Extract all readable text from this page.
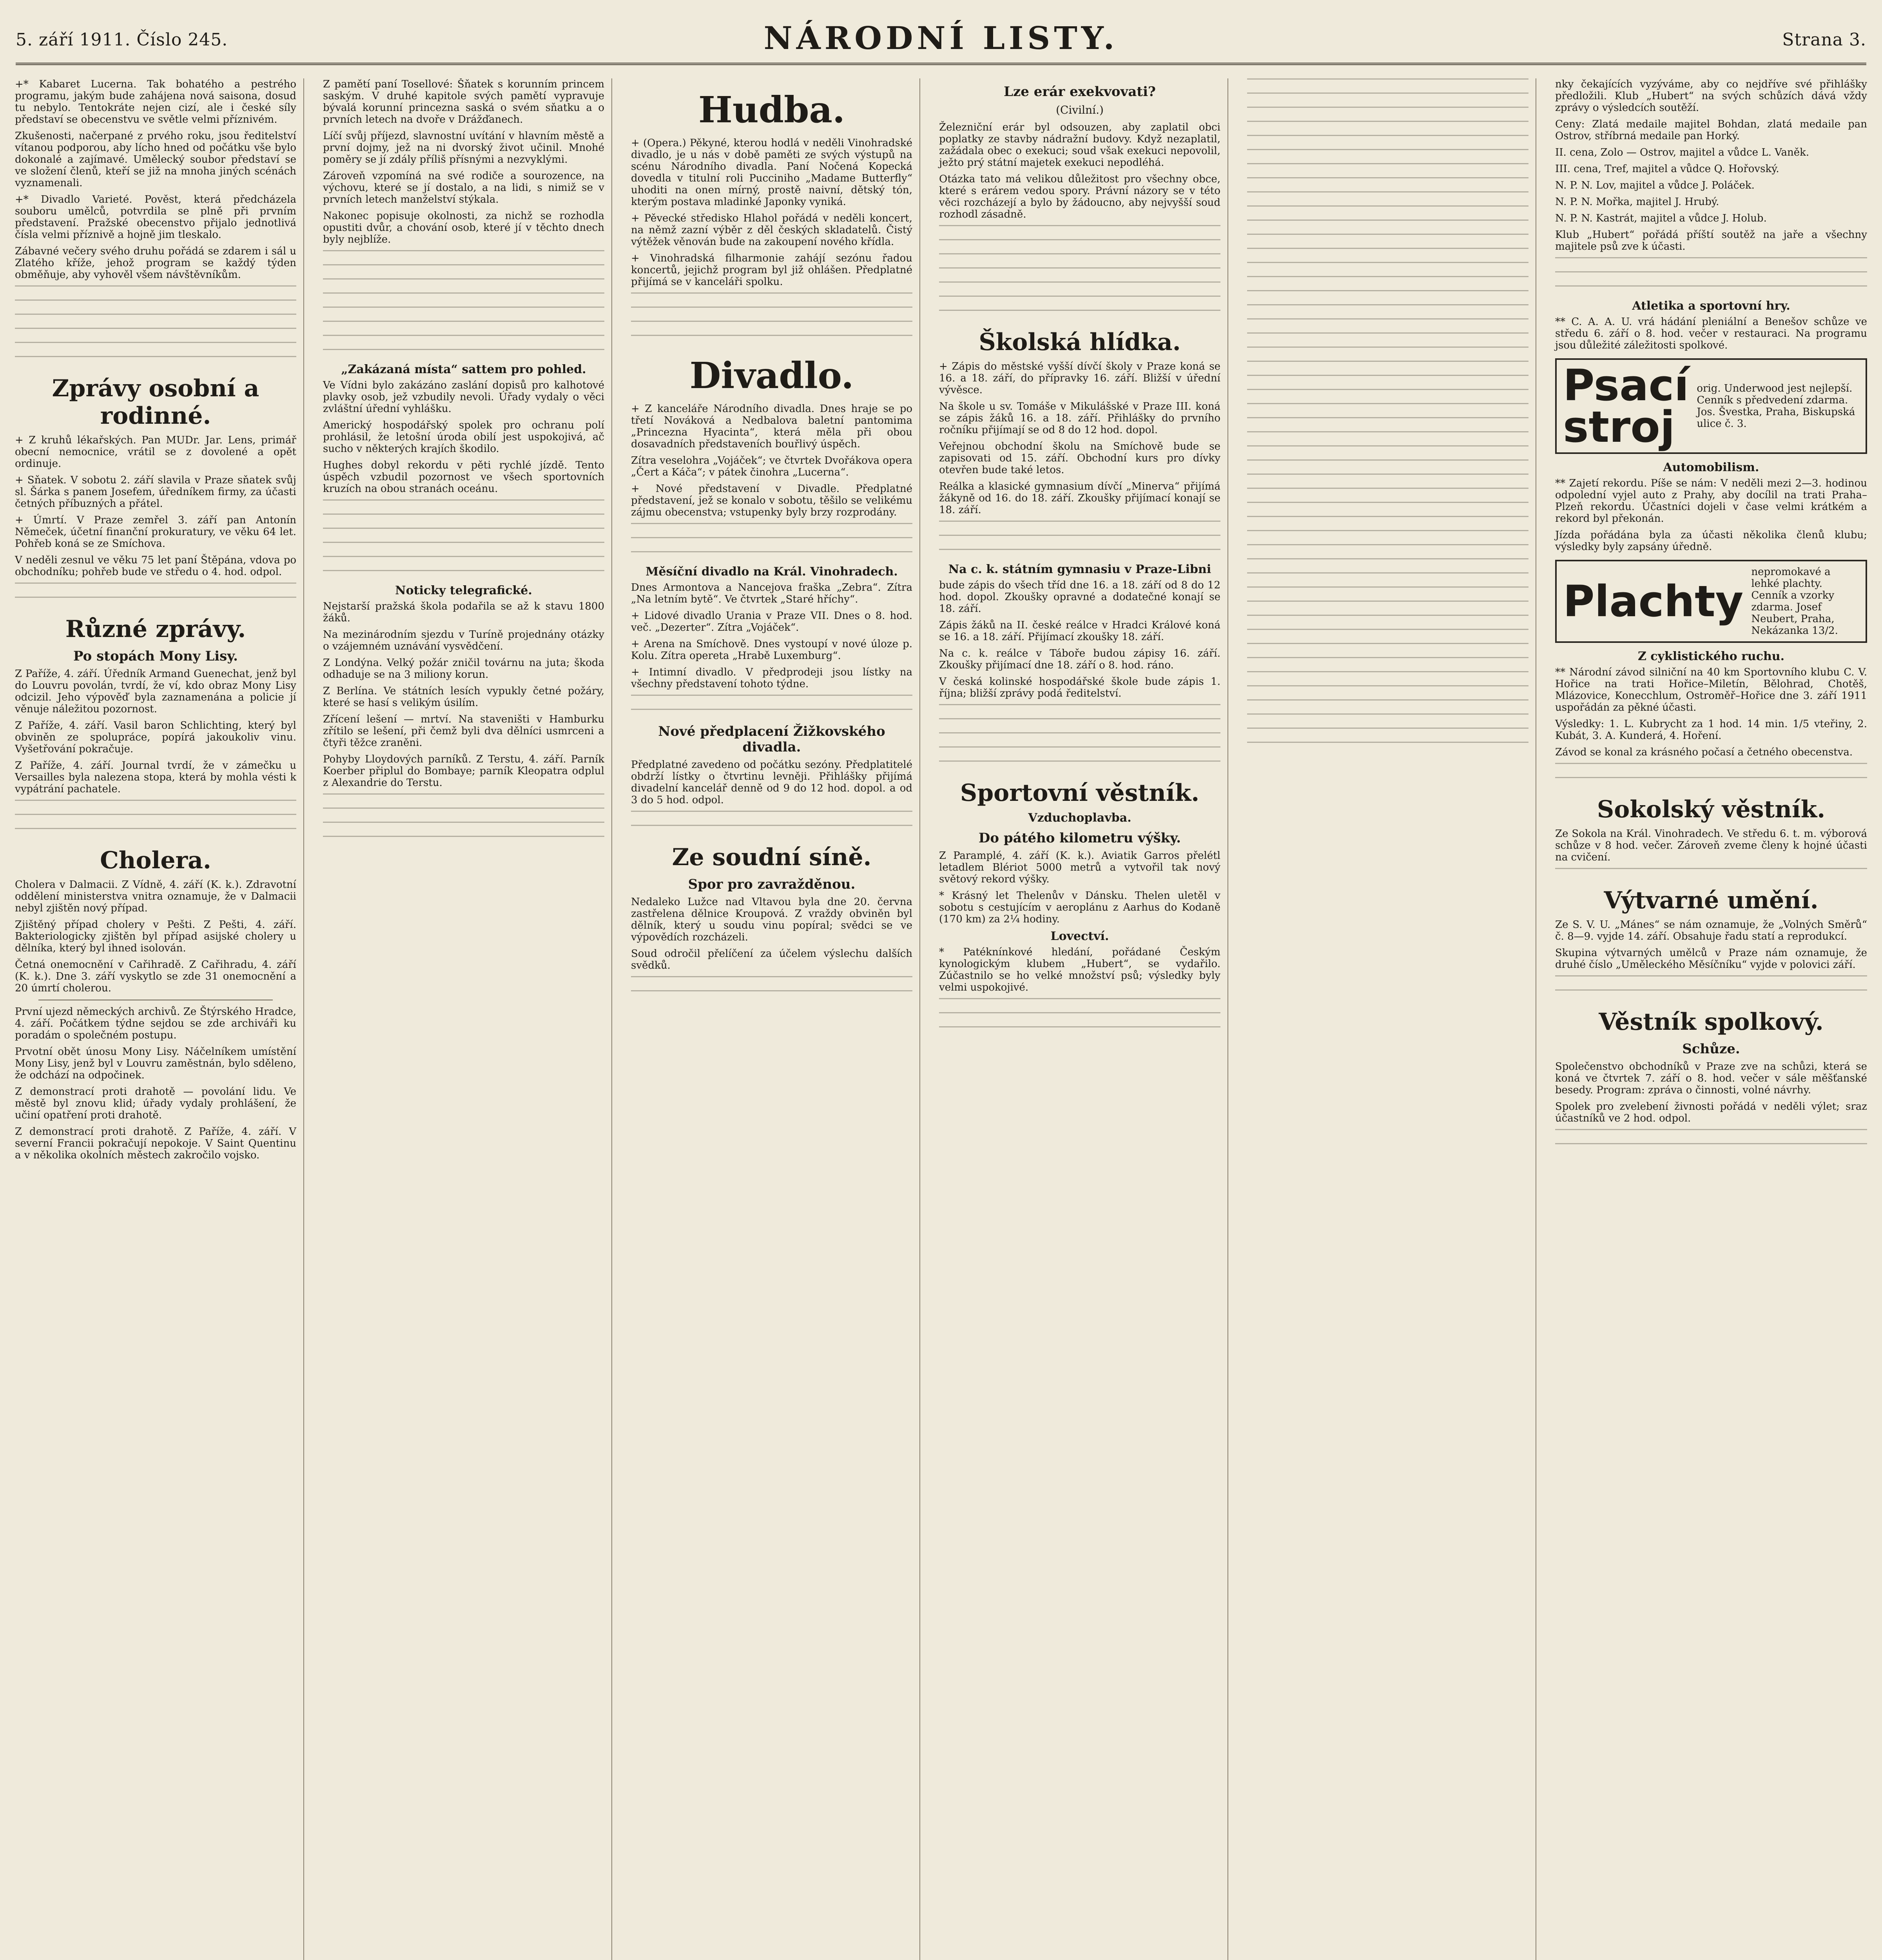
5. září 1911. Číslo 245.	NÁRODNÍ LISTY.	Strana 3.

+* Kabaret Lucerna. Tak bohatého a pestrého programu, jakým bude zahájena nová saisona, dosud tu nebylo. Tentokráte nejen cizí, ale i české síly představí se obecenstvu ve světle velmi příznivém.

Zkušenosti, načerpané z prvého roku, jsou ředitelství vítanou podporou, aby lícho hned od počátku vše bylo dokonalé a zajímavé. Umělecký soubor představí se ve složení členů, kteří se již na mnoha jiných scénách vyznamenali.

+* Divadlo Varieté. Pověst, která předcházela souboru umělců, potvrdila se plně při prvním představení. Pražské obecenstvo přijalo jednotlivá čísla velmi příznivě a hojně jim tleskalo.

Zábavné večery svého druhu pořádá se zdarem i sál u Zlatého kříže, jehož program se každý týden obměňuje, aby vyhověl všem návštěvníkům.

Zprávy osobní a rodinné.

+ Z kruhů lékařských. Pan MUDr. Jar. Lens, primář obecní nemocnice, vrátil se z dovolené a opět ordinuje.

+ Sňatek. V sobotu 2. září slavila v Praze sňatek svůj sl. Šárka s panem Josefem, úředníkem firmy, za účasti četných příbuzných a přátel.

+ Úmrtí. V Praze zemřel 3. září pan Antonín Němeček, účetní finanční prokuratury, ve věku 64 let. Pohřeb koná se ze Smíchova.

V neděli zesnul ve věku 75 let paní Štěpána, vdova po obchodníku; pohřeb bude ve středu o 4. hod. odpol.

Různé zprávy.
Po stopách Mony Lisy.

Z Paříže, 4. září. Úředník Armand Guenechat, jenž byl do Louvru povolán, tvrdí, že ví, kdo obraz Mony Lisy odcizil. Jeho výpověď byla zaznamenána a policie jí věnuje náležitou pozornost.

Z Paříže, 4. září. Vasil baron Schlichting, který byl obviněn ze spolupráce, popírá jakoukoliv vinu. Vyšetřování pokračuje.

Z Paříže, 4. září. Journal tvrdí, že v zámečku u Versailles byla nalezena stopa, která by mohla vésti k vypátrání pachatele.

Cholera.

Cholera v Dalmacii. Z Vídně, 4. září (K. k.). Zdravotní oddělení ministerstva vnitra oznamuje, že v Dalmacii nebyl zjištěn nový případ.

Zjištěný případ cholery v Pešti. Z Pešti, 4. září. Bakteriologicky zjištěn byl případ asijské cholery u dělníka, který byl ihned isolován.

Četná onemocnění v Cařihradě. Z Cařihradu, 4. září (K. k.). Dne 3. září vyskytlo se zde 31 onemocnění a 20 úmrtí cholerou.

První ujezd německých archivů. Ze Štýrského Hradce, 4. září. Počátkem týdne sejdou se zde archiváři ku poradám o společném postupu.

Prvotní obět únosu Mony Lisy. Náčelníkem umístění Mony Lisy, jenž byl v Louvru zaměstnán, bylo sděleno, že odchází na odpočinek.

Z demonstrací proti drahotě — povolání lidu. Ve městě byl znovu klid; úřady vydaly prohlášení, že učiní opatření proti drahotě.

Z demonstrací proti drahotě. Z Paříže, 4. září. V severní Francii pokračují nepokoje. V Saint Quentinu a v několika okolních městech zakročilo vojsko.

Z pamětí paní Tosellové: Šňatek s korunním princem saským. V druhé kapitole svých pamětí vypravuje bývalá korunní princezna saská o svém sňatku a o prvních letech na dvoře v Drážďanech.

Líčí svůj příjezd, slavnostní uvítání v hlavním městě a první dojmy, jež na ni dvorský život učinil. Mnohé poměry se jí zdály příliš přísnými a nezvyklými.

Zároveň vzpomíná na své rodiče a sourozence, na výchovu, které se jí dostalo, a na lidi, s nimiž se v prvních letech manželství stýkala.

Nakonec popisuje okolnosti, za nichž se rozhodla opustiti dvůr, a chování osob, které jí v těchto dnech byly nejblíže.

„Zakázaná místa“ sattem pro pohled.

Ve Vídni bylo zakázáno zaslání dopisů pro kalhotové plavky osob, jež vzbudily nevoli. Úřady vydaly o věci zvláštní úřední vyhlášku.

Americký hospodářský spolek pro ochranu polí prohlásil, že letošní úroda obilí jest uspokojivá, ač sucho v některých krajích škodilo.

Hughes dobyl rekordu v pěti rychlé jízdě. Tento úspěch vzbudil pozornost ve všech sportovních kruzích na obou stranách oceánu.

Noticky telegrafické.

Nejstarší pražská škola podařila se až k stavu 1800 žáků.

Na mezinárodním sjezdu v Turíně projednány otázky o vzájemném uznávání vysvědčení.

Z Londýna. Velký požár zničil továrnu na juta; škoda odhaduje se na 3 miliony korun.

Z Berlína. Ve státních lesích vypukly četné požáry, které se hasí s velikým úsilím.

Zřícení lešení — mrtví. Na staveništi v Hamburku zřítilo se lešení, při čemž byli dva dělníci usmrceni a čtyři těžce zraněni.

Pohyby Lloydových parníků. Z Terstu, 4. září. Parník Koerber připlul do Bombaye; parník Kleopatra odplul z Alexandrie do Terstu.

Hudba.

+ (Opera.) Pěkyné, kterou hodlá v neděli Vinohradské divadlo, je u nás v době paměti ze svých výstupů na scénu Národního divadla. Paní Nočená Kopecká dovedla v titulní roli Pucciniho „Madame Butterfly“ uhoditi na onen mírný, prostě naivní, dětský tón, kterým postava mladinké Japonky vyniká.

+ Pěvecké středisko Hlahol pořádá v neděli koncert, na němž zazní výběr z děl českých skladatelů. Čistý výtěžek věnován bude na zakoupení nového křídla.

+ Vinohradská filharmonie zahájí sezónu řadou koncertů, jejichž program byl již ohlášen. Předplatné přijímá se v kanceláři spolku.

Divadlo.

+ Z kanceláře Národního divadla. Dnes hraje se po třetí Nováková a Nedbalova baletní pantomima „Princezna Hyacinta“, která měla při obou dosavadních představeních bouřlivý úspěch.

Zítra veselohra „Vojáček“; ve čtvrtek Dvořákova opera „Čert a Káča“; v pátek činohra „Lucerna“.

+ Nové představení v Divadle. Předplatné představení, jež se konalo v sobotu, těšilo se velikému zájmu obecenstva; vstupenky byly brzy rozprodány.

Měsíční divadlo na Král. Vinohradech.

Dnes Armontova a Nancejova fraška „Zebra“. Zítra „Na letním bytě“. Ve čtvrtek „Staré hříchy“.

+ Lidové divadlo Urania v Praze VII. Dnes o 8. hod. več. „Dezerter“. Zítra „Vojáček“.

+ Arena na Smíchově. Dnes vystoupí v nové úloze p. Kolu. Zítra opereta „Hrabě Luxemburg“.

+ Intimní divadlo. V předprodeji jsou lístky na všechny představení tohoto týdne.

Nové předplacení Žižkovského divadla.

Předplatné zavedeno od počátku sezóny. Předplatitelé obdrží lístky o čtvrtinu levněji. Přihlášky přijímá divadelní kancelář denně od 9 do 12 hod. dopol. a od 3 do 5 hod. odpol.

Ze soudní síně.
Spor pro zavražděnou.

Nedaleko Lužce nad Vltavou byla dne 20. června zastřelena dělnice Kroupová. Z vraždy obviněn byl dělník, který u soudu vinu popíral; svědci se ve výpovědích rozcházeli.

Soud odročil přelíčení za účelem výslechu dalších svědků.

Lze erár exekvovati?
(Civilní.)

Železniční erár byl odsouzen, aby zaplatil obci poplatky ze stavby nádražní budovy. Když nezaplatil, zažádala obec o exekuci; soud však exekuci nepovolil, ježto prý státní majetek exekuci nepodléhá.

Otázka tato má velikou důležitost pro všechny obce, které s erárem vedou spory. Právní názory se v této věci rozcházejí a bylo by žádoucno, aby nejvyšší soud rozhodl zásadně.

Školská hlídka.

+ Zápis do městské vyšší dívčí školy v Praze koná se 16. a 18. září, do přípravky 16. září. Bližší v úřední vývěsce.

Na škole u sv. Tomáše v Mikulášské v Praze III. koná se zápis žáků 16. a 18. září. Přihlášky do prvního ročníku přijímají se od 8 do 12 hod. dopol.

Veřejnou obchodní školu na Smíchově bude se zapisovati od 15. září. Obchodní kurs pro dívky otevřen bude také letos.

Reálka a klasické gymnasium dívčí „Minerva“ přijímá žákyně od 16. do 18. září. Zkoušky přijímací konají se 18. září.

Na c. k. státním gymnasiu v Praze-Libni

bude zápis do všech tříd dne 16. a 18. září od 8 do 12 hod. dopol. Zkoušky opravné a dodatečné konají se 18. září.

Zápis žáků na II. české reálce v Hradci Králové koná se 16. a 18. září. Přijímací zkoušky 18. září.

Na c. k. reálce v Táboře budou zápisy 16. září. Zkoušky přijímací dne 18. září o 8. hod. ráno.

V česká kolinské hospodářské škole bude zápis 1. října; bližší zprávy podá ředitelství.

Sportovní věstník.
Vzduchoplavba.
Do pátého kilometru výšky.

Z Paramplé, 4. září (K. k.). Aviatik Garros přelétl letadlem Blériot 5000 metrů a vytvořil tak nový světový rekord výšky.

* Krásný let Thelenův v Dánsku. Thelen uletěl v sobotu s cestujícím v aeroplánu z Aarhus do Kodaně (170 km) za 2¼ hodiny.

Lovectví.

* Patéknínkové hledání, pořádané Českým kynologickým klubem „Hubert“, se vydařilo. Zúčastnilo se ho velké množství psů; výsledky byly velmi uspokojivé.

nky čekajících vyzýváme, aby co nejdříve své přihlášky předložili. Klub „Hubert“ na svých schůzích dává vždy zprávy o výsledcích soutěží.

Ceny: Zlatá medaile majitel Bohdan, zlatá medaile pan Ostrov, stříbrná medaile pan Horký.

II. cena, Zolo — Ostrov, majitel a vůdce L. Vaněk.

III. cena, Tref, majitel a vůdce Q. Hořovský.

N. P. N. Lov, majitel a vůdce J. Poláček.

N. P. N. Mořka, majitel J. Hrubý.

N. P. N. Kastrát, majitel a vůdce J. Holub.

Klub „Hubert“ pořádá příští soutěž na jaře a všechny majitele psů zve k účasti.

Atletika a sportovní hry.

** C. A. A. U. vrá hádání pleniální a Benešov schůze ve středu 6. září o 8. hod. večer v restauraci. Na programu jsou důležité záležitosti spolkové.

Psací stroj
orig. Underwood jest nejlepší. Cenník s předvedení zdarma. Jos. Švestka, Praha, Biskupská ulice č. 3.
Automobilism.

** Zajetí rekordu. Píše se nám: V neděli mezi 2—3. hodinou odpolední vyjel auto z Prahy, aby docílil na trati Praha–Plzeň rekordu. Účastníci dojeli v čase velmi krátkém a rekord byl překonán.

Jízda pořádána byla za účasti několika členů klubu; výsledky byly zapsány úředně.

Plachty
nepromokavé a lehké plachty. Cenník a vzorky zdarma. Josef Neubert, Praha, Nekázanka 13/2.
Z cyklistického ruchu.

** Národní závod silniční na 40 km Sportovního klubu C. V. Hořice na trati Hořice–Miletín, Bělohrad, Chotěš, Mlázovice, Konecchlum, Ostroměř–Hořice dne 3. září 1911 uspořádán za pěkné účasti.

Výsledky: 1. L. Kubrycht za 1 hod. 14 min. 1/5 vteřiny, 2. Kubát, 3. A. Kunderá, 4. Hoření.

Závod se konal za krásného počasí a četného obecenstva.

Sokolský věstník.

Ze Sokola na Král. Vinohradech. Ve středu 6. t. m. výborová schůze v 8 hod. večer. Zároveň zveme členy k hojné účasti na cvičení.

Výtvarné umění.

Ze S. V. U. „Mánes“ se nám oznamuje, že „Volných Směrů“ č. 8—9. vyjde 14. září. Obsahuje řadu statí a reprodukcí.

Skupina výtvarných umělců v Praze nám oznamuje, že druhé číslo „Uměleckého Měsíčníku“ vyjde v polovici září.

Věstník spolkový.
Schůze.

Společenstvo obchodníků v Praze zve na schůzi, která se koná ve čtvrtek 7. září o 8. hod. večer v sále měšťanské besedy. Program: zpráva o činnosti, volné návrhy.

Spolek pro zvelebení živnosti pořádá v neděli výlet; sraz účastníků ve 2 hod. odpol.
